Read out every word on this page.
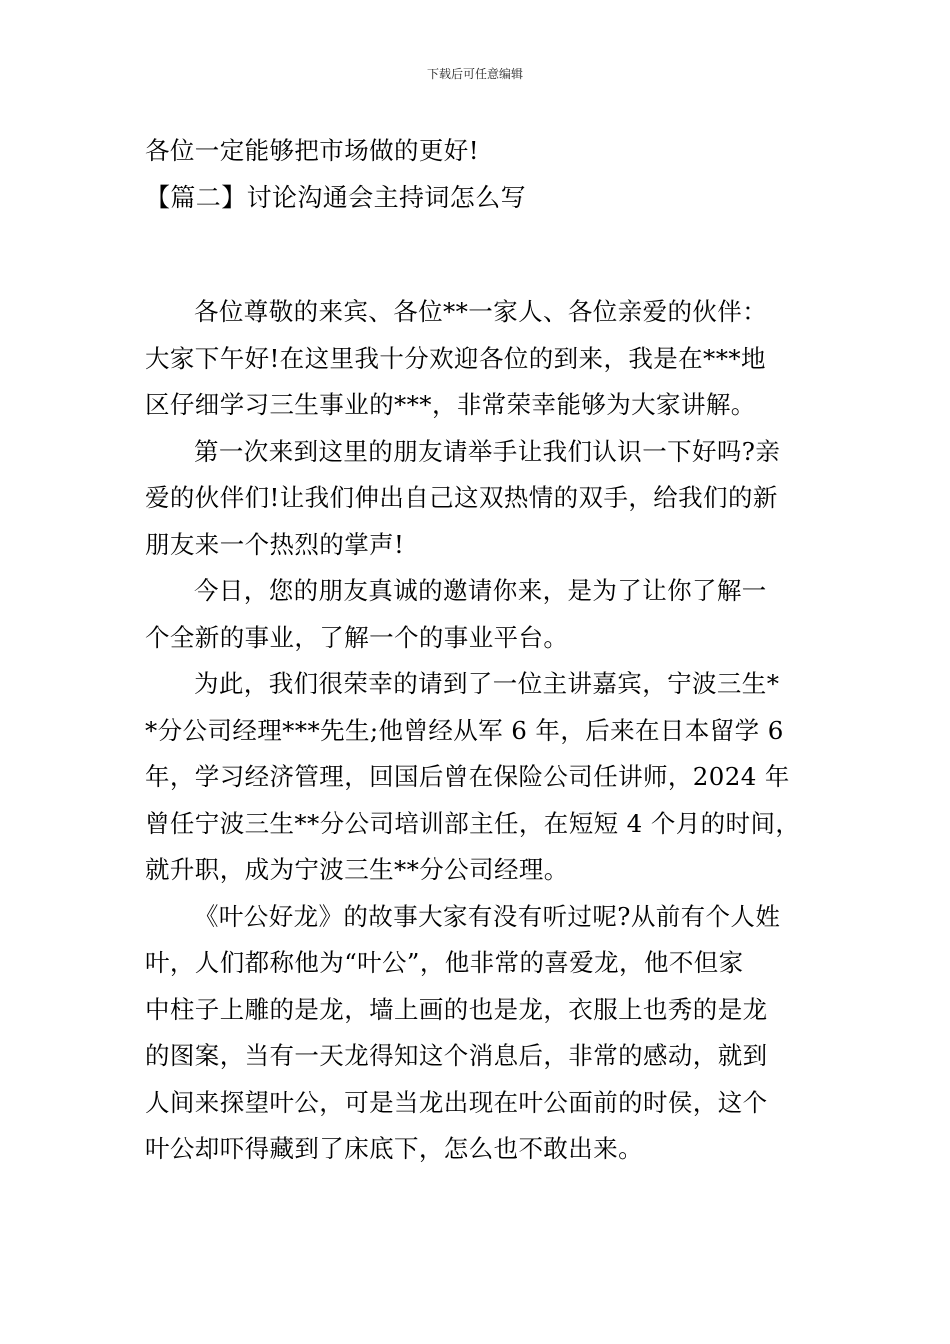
下载后可任意编辑
各位一定能够把市场做的更好!
【篇二】讨论沟通会主持词怎么写
各位尊敬的来宾、各位**一家人、各位亲爱的伙伴：
大家下午好!在这里我十分欢迎各位的到来，我是在***地
区仔细学习三生事业的***，非常荣幸能够为大家讲解。
第一次来到这里的朋友请举手让我们认识一下好吗?亲
爱的伙伴们!让我们伸出自己这双热情的双手，给我们的新
朋友来一个热烈的掌声!
今日，您的朋友真诚的邀请你来，是为了让你了解一
个全新的事业，了解一个的事业平台。
为此，我们很荣幸的请到了一位主讲嘉宾，宁波三生*
*分公司经理***先生;他曾经从军 6 年，后来在日本留学 6
年，学习经济管理，回国后曾在保险公司任讲师，2024 年
曾任宁波三生**分公司培训部主任，在短短 4 个月的时间，
就升职，成为宁波三生**分公司经理。
《叶公好龙》的故事大家有没有听过呢?从前有个人姓
叶，人们都称他为“叶公”，他非常的喜爱龙，他不但家
中柱子上雕的是龙，墙上画的也是龙，衣服上也秀的是龙
的图案，当有一天龙得知这个消息后，非常的感动，就到
人间来探望叶公，可是当龙出现在叶公面前的时侯，这个
叶公却吓得藏到了床底下，怎么也不敢出来。
